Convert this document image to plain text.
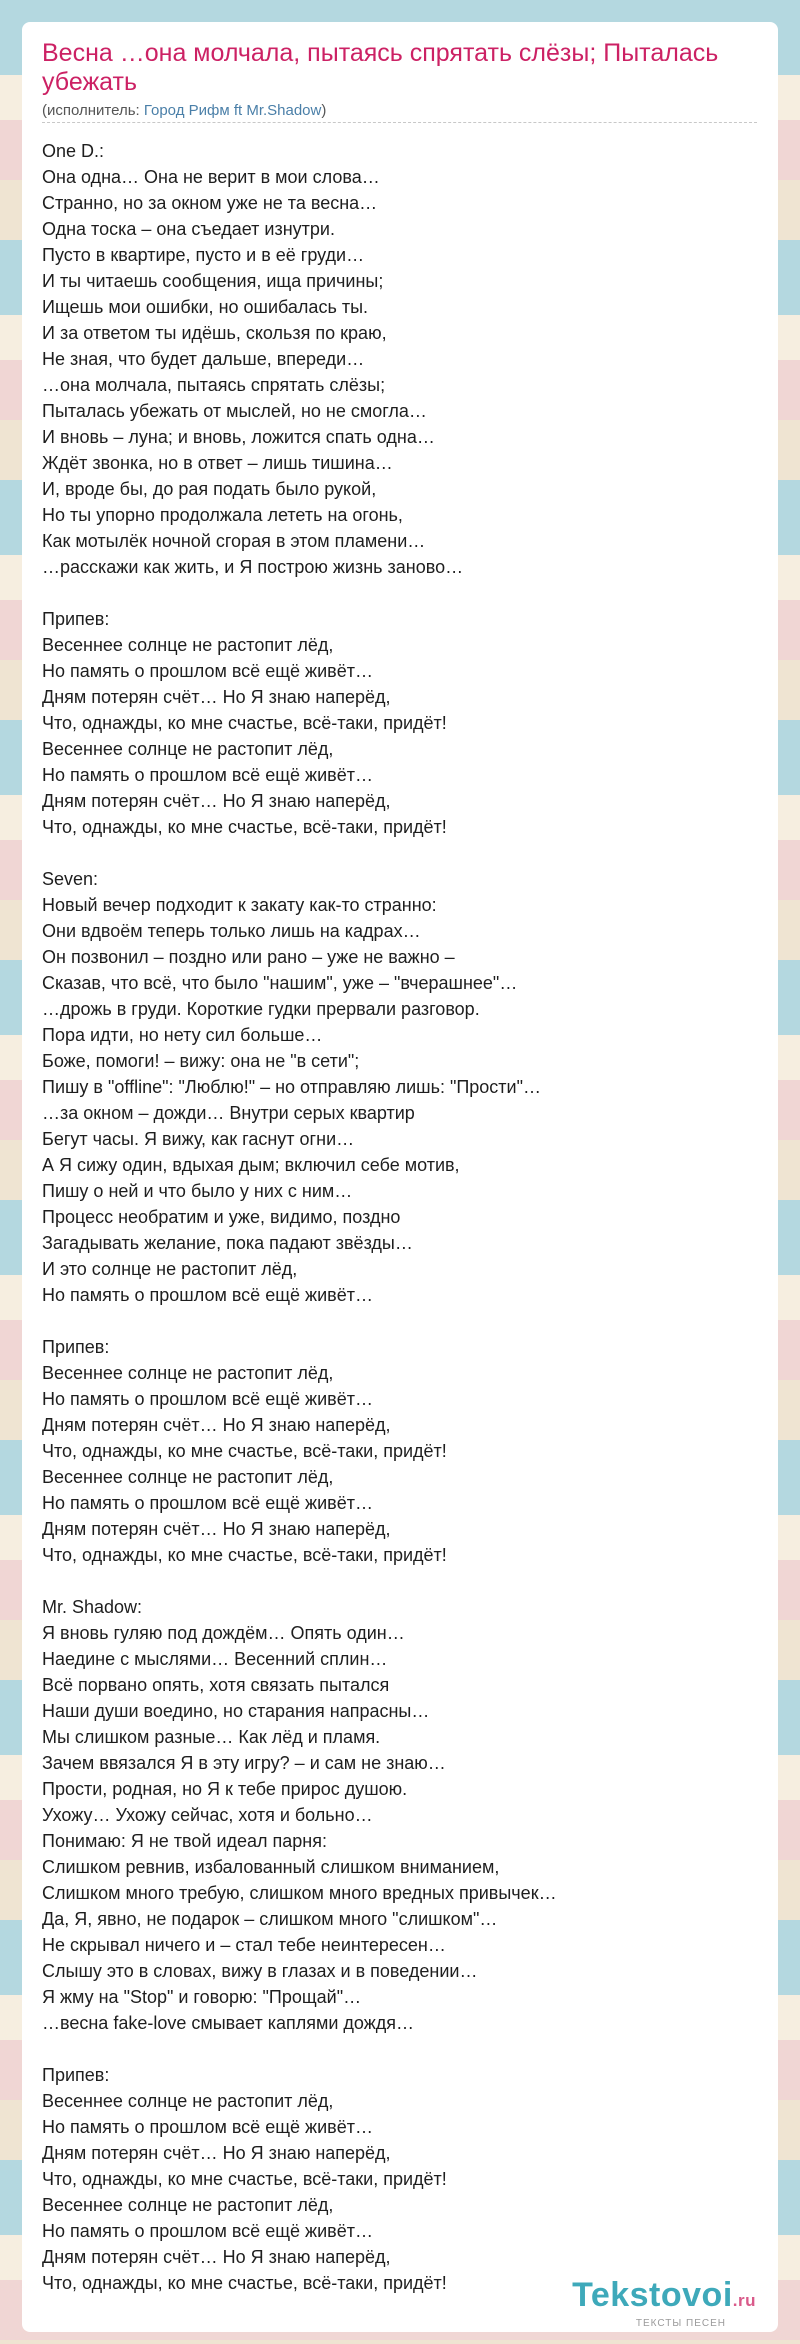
Весна …она молчала, пытаясь спрятать слёзы; Пыталась убежать
(исполнитель: Город Рифм ft Mr.Shadow)
One D.:
Она одна… Она не верит в мои слова…
Странно, но за окном уже не та весна…
Одна тоска – она съедает изнутри.
Пусто в квартире, пусто и в её груди…
И ты читаешь сообщения, ища причины;
Ищешь мои ошибки, но ошибалась ты.
И за ответом ты идёшь, скользя по краю,
Не зная, что будет дальше, впереди…
…она молчала, пытаясь спрятать слёзы;
Пыталась убежать от мыслей, но не смогла…
И вновь – луна; и вновь, ложится спать одна…
Ждёт звонка, но в ответ – лишь тишина…
И, вроде бы, до рая подать было рукой,
Но ты упорно продолжала лететь на огонь,
Как мотылёк ночной сгорая в этом пламени…
…расскажи как жить, и Я построю жизнь заново…
Припев:
Весеннее солнце не растопит лёд,
Но память о прошлом всё ещё живёт…
Дням потерян счёт… Но Я знаю наперёд,
Что, однажды, ко мне счастье, всё-таки, придёт!
Весеннее солнце не растопит лёд,
Но память о прошлом всё ещё живёт…
Дням потерян счёт… Но Я знаю наперёд,
Что, однажды, ко мне счастье, всё-таки, придёт!
Seven:
Новый вечер подходит к закату как-то странно:
Они вдвоём теперь только лишь на кадрах…
Он позвонил – поздно или рано – уже не важно –
Сказав, что всё, что было "нашим", уже – "вчерашнее"…
…дрожь в груди. Короткие гудки прервали разговор.
Пора идти, но нету сил больше…
Боже, помоги! – вижу: она не "в сети";
Пишу в "offline": "Люблю!" – но отправляю лишь: "Прости"…
…за окном – дожди… Внутри серых квартир
Бегут часы. Я вижу, как гаснут огни…
А Я сижу один, вдыхая дым; включил себе мотив,
Пишу о ней и что было у них с ним…
Процесс необратим и уже, видимо, поздно
Загадывать желание, пока падают звёзды…
И это солнце не растопит лёд,
Но память о прошлом всё ещё живёт…
Припев:
Весеннее солнце не растопит лёд,
Но память о прошлом всё ещё живёт…
Дням потерян счёт… Но Я знаю наперёд,
Что, однажды, ко мне счастье, всё-таки, придёт!
Весеннее солнце не растопит лёд,
Но память о прошлом всё ещё живёт…
Дням потерян счёт… Но Я знаю наперёд,
Что, однажды, ко мне счастье, всё-таки, придёт!
Mr. Shadow:
Я вновь гуляю под дождём… Опять один…
Наедине с мыслями… Весенний сплин…
Всё порвано опять, хотя связать пытался
Наши души воедино, но старания напрасны…
Мы слишком разные… Как лёд и пламя.
Зачем ввязался Я в эту игру? – и сам не знаю…
Прости, родная, но Я к тебе прирос душою.
Ухожу… Ухожу сейчас, хотя и больно…
Понимаю: Я не твой идеал парня:
Слишком ревнив, избалованный слишком вниманием,
Слишком много требую, слишком много вредных привычек…
Да, Я, явно, не подарок – слишком много "слишком"…
Не скрывал ничего и – стал тебе неинтересен…
Слышу это в словах, вижу в глазах и в поведении…
Я жму на "Stop" и говорю: "Прощай"…
…весна fake-love смывает каплями дождя…
Припев:
Весеннее солнце не растопит лёд,
Но память о прошлом всё ещё живёт…
Дням потерян счёт… Но Я знаю наперёд,
Что, однажды, ко мне счастье, всё-таки, придёт!
Весеннее солнце не растопит лёд,
Но память о прошлом всё ещё живёт…
Дням потерян счёт… Но Я знаю наперёд,
Что, однажды, ко мне счастье, всё-таки, придёт!	Tekstovoi.ru
ТЕКСТЫ ПЕСЕН
